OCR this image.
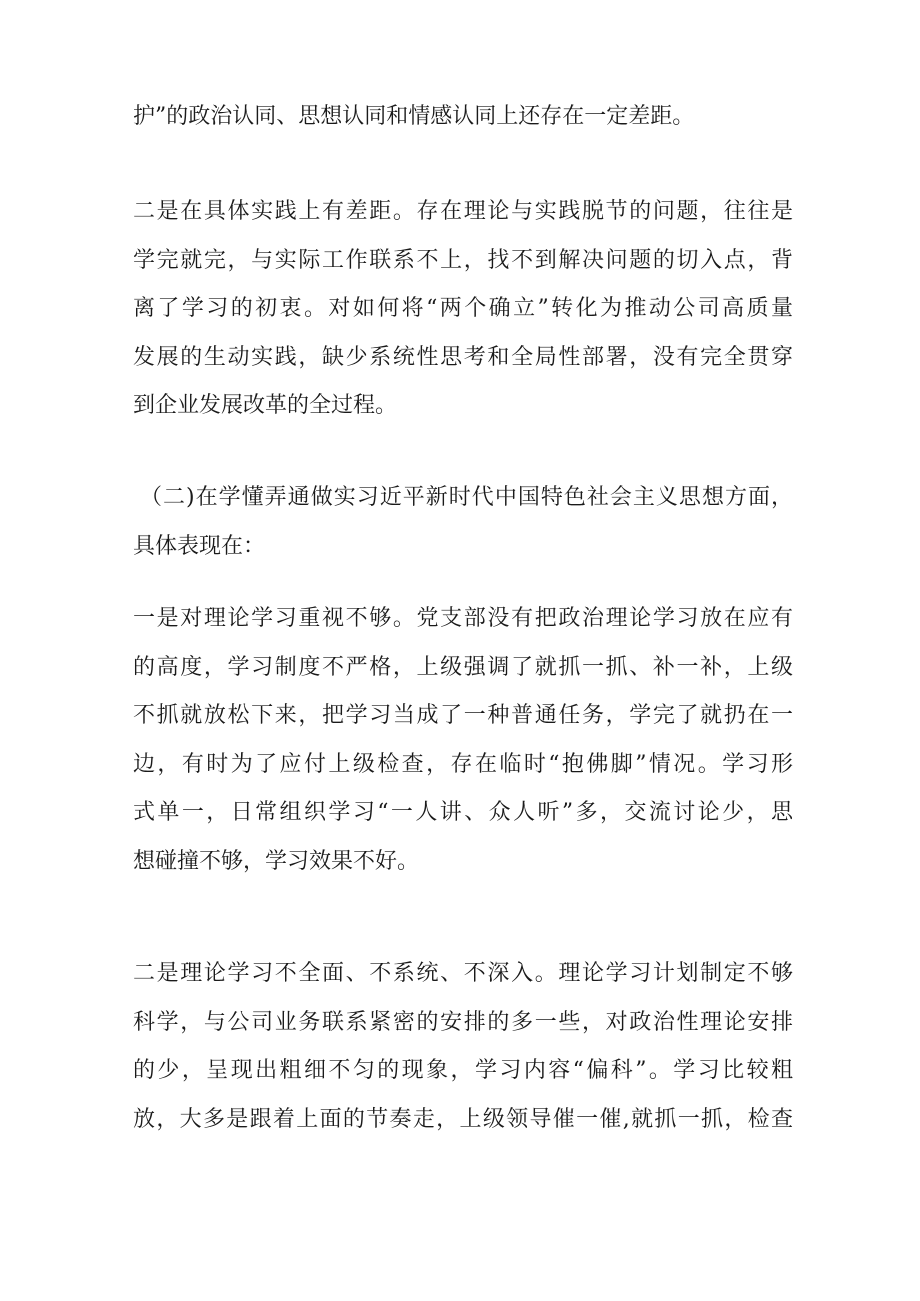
护”的政治认同、思想认同和情感认同上还存在一定差距。
二是在具体实践上有差距。存在理论与实践脱节的问题，往往是
学完就完，与实际工作联系不上，找不到解决问题的切入点，背
离了学习的初衷。对如何将“两个确立”转化为推动公司高质量
发展的生动实践，缺少系统性思考和全局性部署，没有完全贯穿
到企业发展改革的全过程。
（二)在学懂弄通做实习近平新时代中国特色社会主义思想方面，
具体表现在：
一是对理论学习重视不够。党支部没有把政治理论学习放在应有
的高度，学习制度不严格，上级强调了就抓一抓、补一补，上级
不抓就放松下来，把学习当成了一种普通任务，学完了就扔在一
边，有时为了应付上级检查，存在临时“抱佛脚”情况。学习形
式单一，日常组织学习“一人讲、众人听”多，交流讨论少，思
想碰撞不够，学习效果不好。
二是理论学习不全面、不系统、不深入。理论学习计划制定不够
科学，与公司业务联系紧密的安排的多一些，对政治性理论安排
的少，呈现出粗细不匀的现象，学习内容“偏科”。学习比较粗
放，大多是跟着上面的节奏走，上级领导催一催,就抓一抓，检查
